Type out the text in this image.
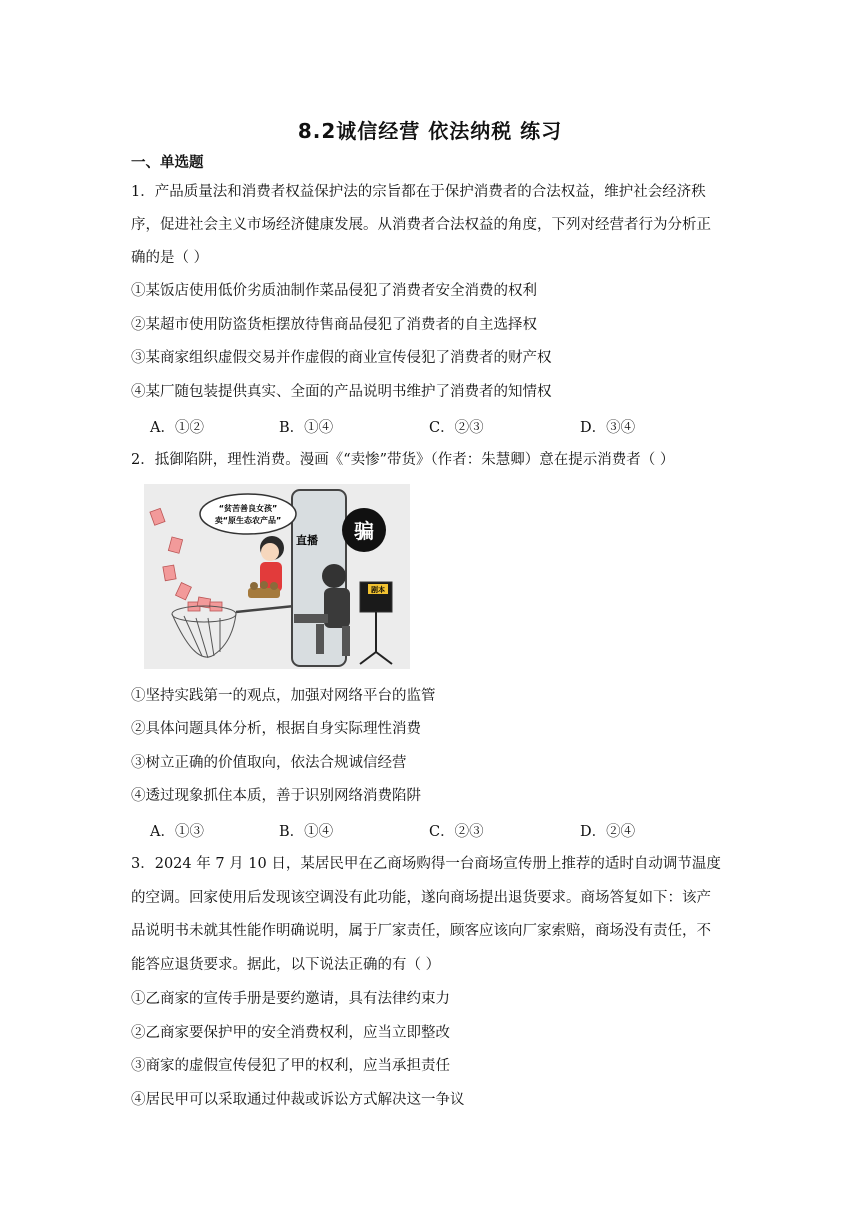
8.2诚信经营 依法纳税 练习
一、单选题
1．产品质量法和消费者权益保护法的宗旨都在于保护消费者的合法权益，维护社会经济秩
序，促进社会主义市场经济健康发展。从消费者合法权益的角度，下列对经营者行为分析正
确的是（ ）
①某饭店使用低价劣质油制作菜品侵犯了消费者安全消费的权利
②某超市使用防盗货柜摆放待售商品侵犯了消费者的自主选择权
③某商家组织虚假交易并作虚假的商业宣传侵犯了消费者的财产权
④某厂随包装提供真实、全面的产品说明书维护了消费者的知情权
A．①②	B．①④	C．②③	D．③④
2．抵御陷阱，理性消费。漫画《“卖惨”带货》（作者：朱慧卿）意在提示消费者（ ）
“贫苦善良女孩”
卖“原生态农产品”
直播 骗
剧本
①坚持实践第一的观点，加强对网络平台的监管
②具体问题具体分析，根据自身实际理性消费
③树立正确的价值取向，依法合规诚信经营
④透过现象抓住本质，善于识别网络消费陷阱
A．①③	B．①④	C．②③	D．②④
3．2024 年 7 月 10 日，某居民甲在乙商场购得一台商场宣传册上推荐的适时自动调节温度
的空调。回家使用后发现该空调没有此功能，遂向商场提出退货要求。商场答复如下：该产
品说明书未就其性能作明确说明，属于厂家责任，顾客应该向厂家索赔，商场没有责任，不
能答应退货要求。据此，以下说法正确的有（ ）
①乙商家的宣传手册是要约邀请，具有法律约束力
②乙商家要保护甲的安全消费权利，应当立即整改
③商家的虚假宣传侵犯了甲的权利，应当承担责任
④居民甲可以采取通过仲裁或诉讼方式解决这一争议
